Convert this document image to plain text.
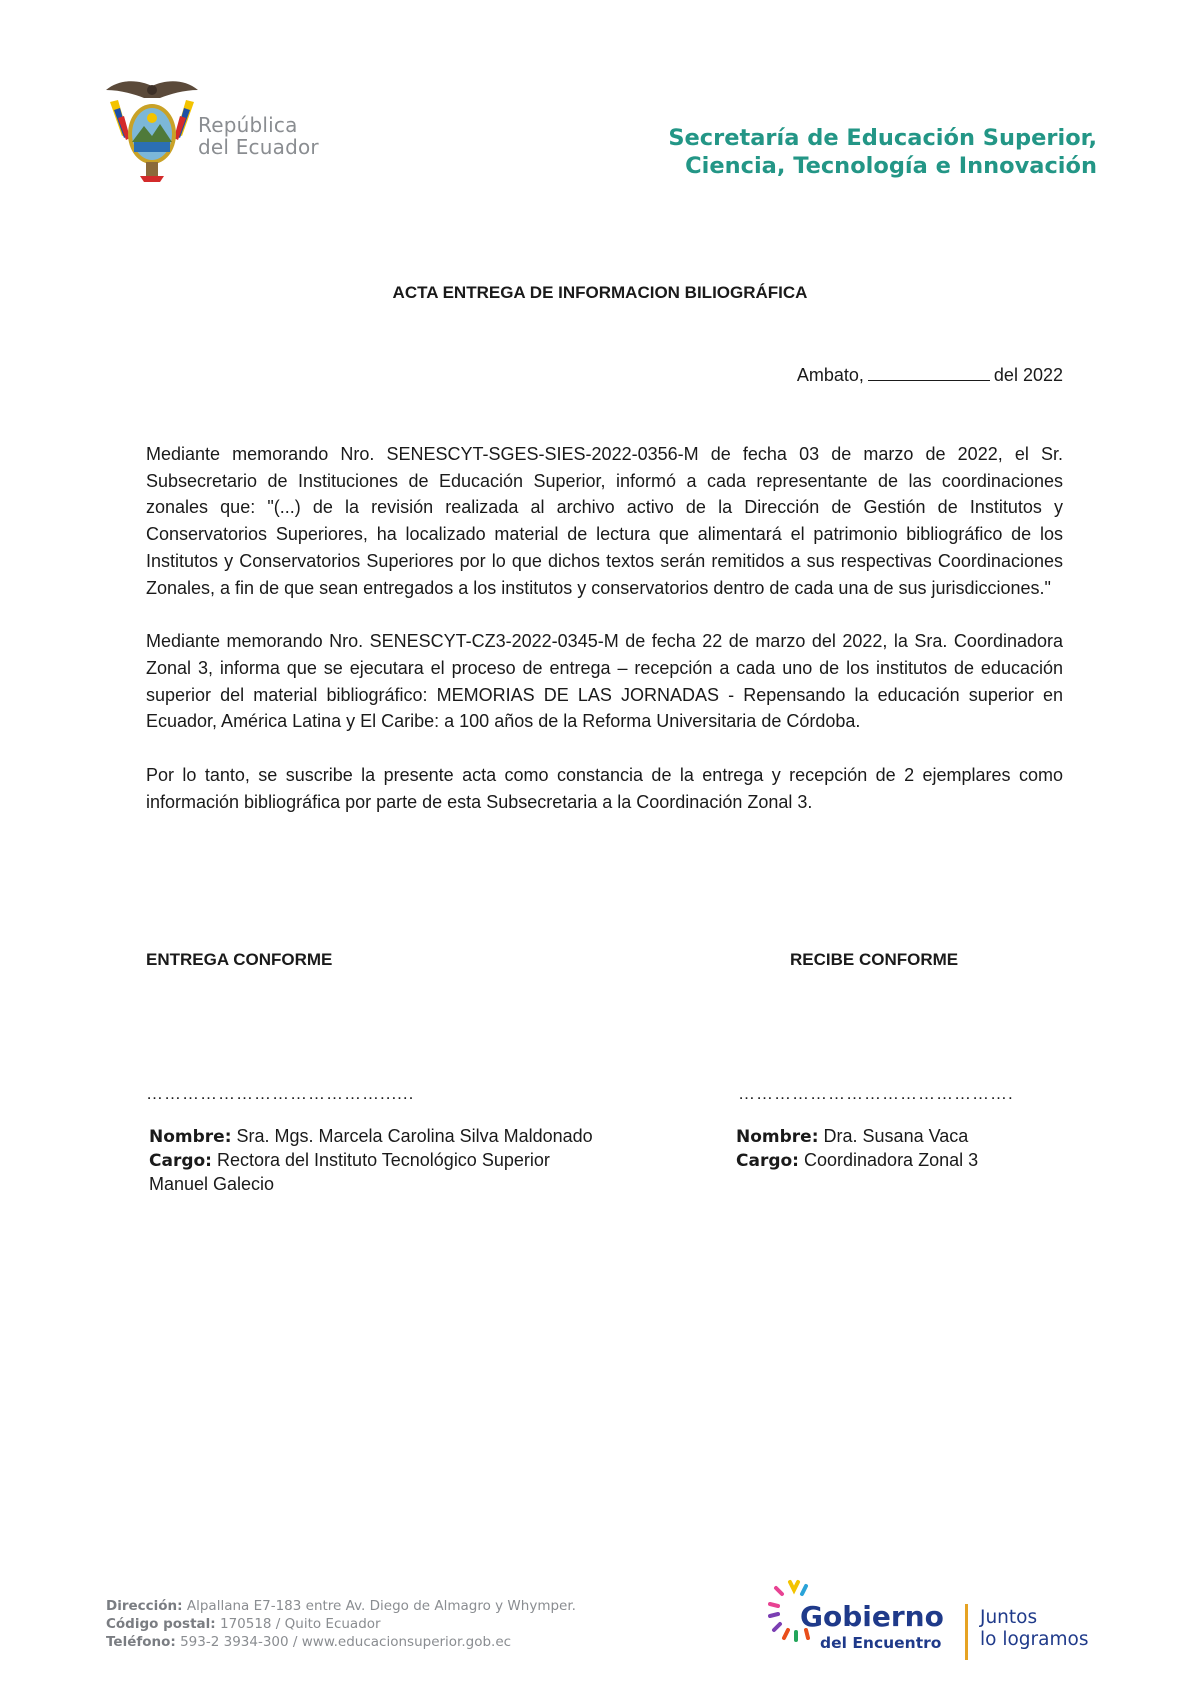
República
del Ecuador	Secretaría de Educación Superior,
Ciencia, Tecnología e Innovación
ACTA ENTREGA DE INFORMACION BILIOGRÁFICA
Ambato,	del 2022

Mediante memorando Nro. SENESCYT-SGES-SIES-2022-0356-M de fecha 03 de marzo de 2022, el Sr. Subsecretario de Instituciones de Educación Superior, informó a cada representante de las coordinaciones zonales que: "(...) de la revisión realizada al archivo activo de la Dirección de Gestión de Institutos y Conservatorios Superiores, ha localizado material de lectura que alimentará el patrimonio bibliográfico de los Institutos y Conservatorios Superiores por lo que dichos textos serán remitidos a sus respectivas Coordinaciones Zonales, a fin de que sean entregados a los institutos y conservatorios dentro de cada una de sus jurisdicciones."

Mediante memorando Nro. SENESCYT-CZ3-2022-0345-M de fecha 22 de marzo del 2022, la Sra. Coordinadora Zonal 3, informa que se ejecutara el proceso de entrega – recepción a cada uno de los institutos de educación superior del material bibliográfico: MEMORIAS DE LAS JORNADAS - Repensando la educación superior en Ecuador, América Latina y El Caribe: a 100 años de la Reforma Universitaria de Córdoba.

Por lo tanto, se suscribe la presente acta como constancia de la entrega y recepción de 2 ejemplares como información bibliográfica por parte de esta Subsecretaria a la Coordinación Zonal 3.

ENTREGA CONFORME	RECIBE CONFORME
…………………………………......	……………………………………….
Nombre: Sra. Mgs. Marcela Carolina Silva Maldonado
Cargo: Rectora del Instituto Tecnológico Superior
Manuel Galecio
Nombre: Dra. Susana Vaca
Cargo: Coordinadora Zonal 3
Dirección: Alpallana E7-183 entre Av. Diego de Almagro y Whymper.
Código postal: 170518 / Quito Ecuador
Teléfono: 593-2 3934-300 / www.educacionsuperior.gob.ec
Gobierno
del Encuentro
Juntos
lo logramos
